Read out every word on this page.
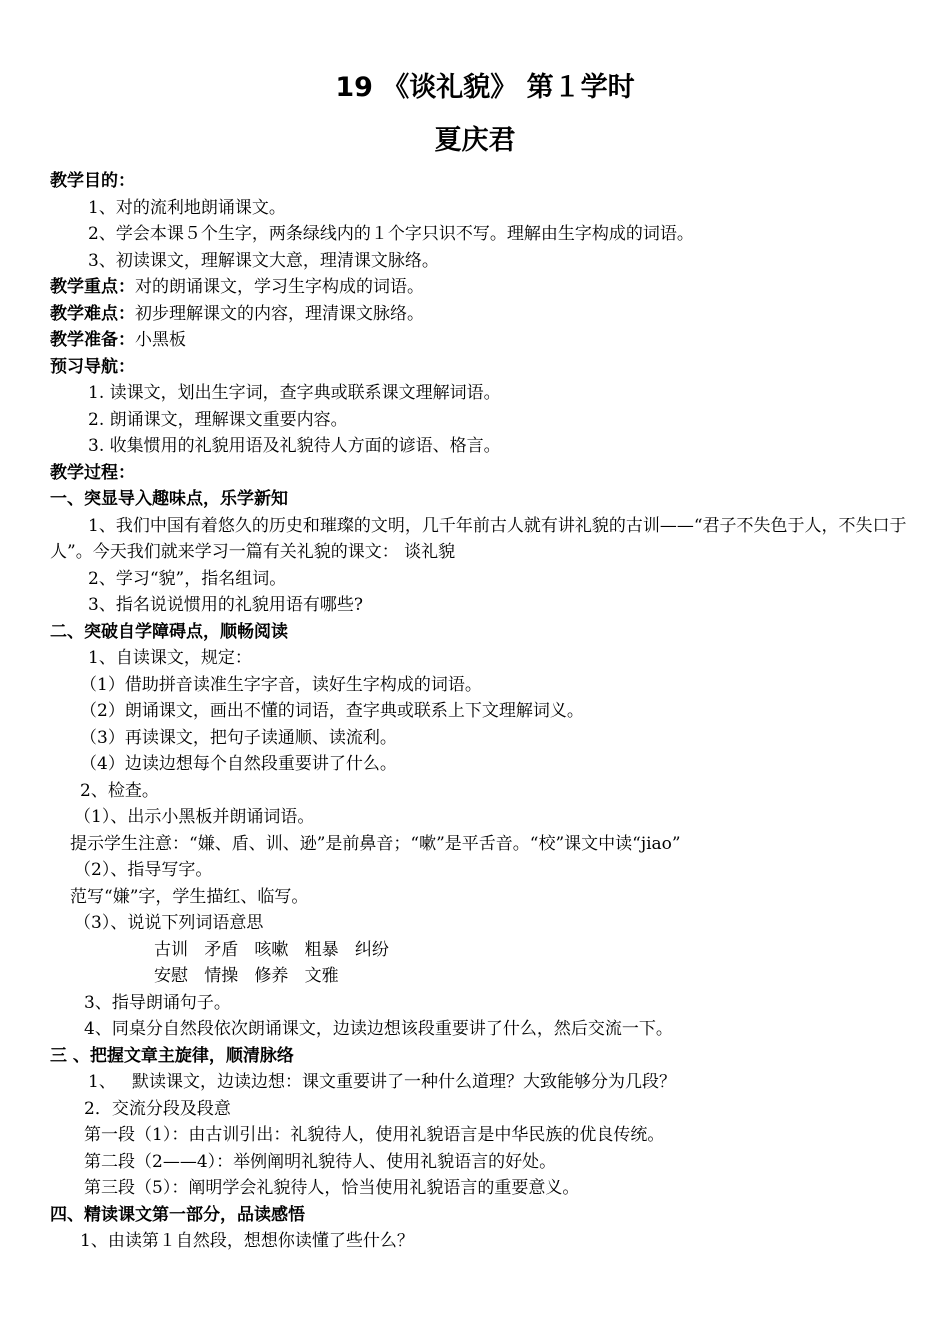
19 《谈礼貌》 第１学时
夏庆君
教学目的：
1、对的流利地朗诵课文。
2、学会本课５个生字，两条绿线内的１个字只识不写。理解由生字构成的词语。
3、初读课文，理解课文大意，理清课文脉络。
教学重点：对的朗诵课文，学习生字构成的词语。
教学难点：初步理解课文的内容，理清课文脉络。
教学准备：小黑板
预习导航：
1. 读课文，划出生字词，查字典或联系课文理解词语。
2. 朗诵课文，理解课文重要内容。
3. 收集惯用的礼貌用语及礼貌待人方面的谚语、格言。
教学过程：
一、突显导入趣味点，乐学新知
1、我们中国有着悠久的历史和璀璨的文明，几千年前古人就有讲礼貌的古训——“君子不失色于人，不失口于人”。今天我们就来学习一篇有关礼貌的课文： 谈礼貌
2、学习“貌”，指名组词。
3、指名说说惯用的礼貌用语有哪些?
二、突破自学障碍点，顺畅阅读
1、自读课文，规定：
（1）借助拼音读准生字字音，读好生字构成的词语。
（2）朗诵课文，画出不懂的词语，查字典或联系上下文理解词义。
（3）再读课文，把句子读通顺、读流利。
（4）边读边想每个自然段重要讲了什么。
2、检查。
（1）、出示小黑板并朗诵词语。
提示学生注意：“嫌、盾、训、逊”是前鼻音；“嗽”是平舌音。“校”课文中读“jiao”
（2）、指导写字。
范写“嫌”字，学生描红、临写。
（3）、说说下列词语意思
古训   矛盾   咳嗽   粗暴   纠纷
安慰   情操   修养   文雅
3、指导朗诵句子。
4、同桌分自然段依次朗诵课文，边读边想该段重要讲了什么，然后交流一下。
三 、把握文章主旋律，顺清脉络
1、   默读课文，边读边想：课文重要讲了一种什么道理？大致能够分为几段？
2．交流分段及段意
第一段（1）：由古训引出：礼貌待人，使用礼貌语言是中华民族的优良传统。
第二段（2——4）：举例阐明礼貌待人、使用礼貌语言的好处。
第三段（5）：阐明学会礼貌待人，恰当使用礼貌语言的重要意义。
四、精读课文第一部分，品读感悟
1、由读第１自然段，想想你读懂了些什么？
